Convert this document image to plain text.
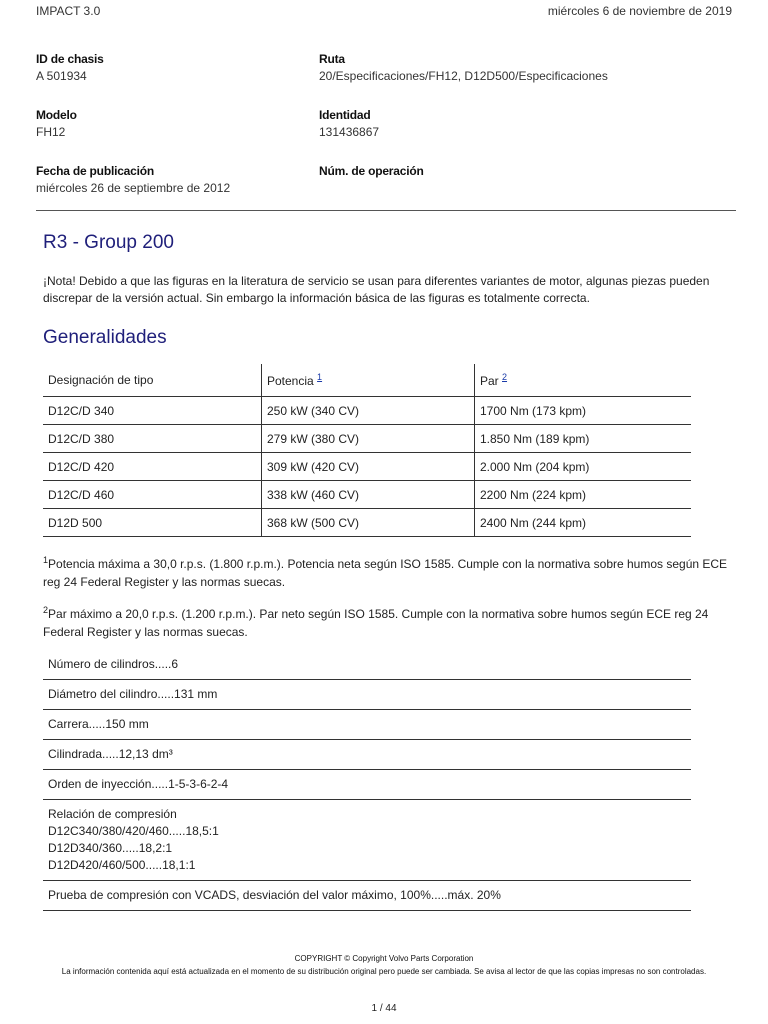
IMPACT 3.0	miércoles 6 de noviembre de 2019
ID de chasis
A 501934
Ruta
20/Especificaciones/FH12, D12D500/Especificaciones
Modelo
FH12
Identidad
131436867
Fecha de publicación
miércoles 26 de septiembre de 2012
Núm. de operación
R3 - Group 200
¡Nota! Debido a que las figuras en la literatura de servicio se usan para diferentes variantes de motor, algunas piezas pueden discrepar de la versión actual. Sin embargo la información básica de las figuras es totalmente correcta.
Generalidades
Designación de tipo	Potencia $^1$	Par $^2$
D12C/D 340	250 kW (340 CV)	1700 Nm (173 kpm)
D12C/D 380	279 kW (380 CV)	1.850 Nm (189 kpm)
D12C/D 420	309 kW (420 CV)	2.000 Nm (204 kpm)
D12C/D 460	338 kW (460 CV)	2200 Nm (224 kpm)
D12D 500	368 kW (500 CV)	2400 Nm (244 kpm)
$^1$Potencia máxima a 30,0 r.p.s. (1.800 r.p.m.). Potencia neta según ISO 1585. Cumple con la normativa sobre humos según ECE reg 24 Federal Register y las normas suecas.
$^2$Par máximo a 20,0 r.p.s. (1.200 r.p.m.). Par neto según ISO 1585. Cumple con la normativa sobre humos según ECE reg 24 Federal Register y las normas suecas.
Número de cilindros.....6
Diámetro del cilindro.....131 mm
Carrera.....150 mm
Cilindrada.....12,13 dm³
Orden de inyección.....1-5-3-6-2-4
Relación de compresión
D12C340/380/420/460.....18,5:1
D12D340/360.....18,2:1
D12D420/460/500.....18,1:1
Prueba de compresión con VCADS, desviación del valor máximo, 100%.....máx. 20%
COPYRIGHT © Copyright Volvo Parts Corporation
La información contenida aquí está actualizada en el momento de su distribución original pero puede ser cambiada. Se avisa al lector de que las copias impresas no son controladas.
1 / 44
